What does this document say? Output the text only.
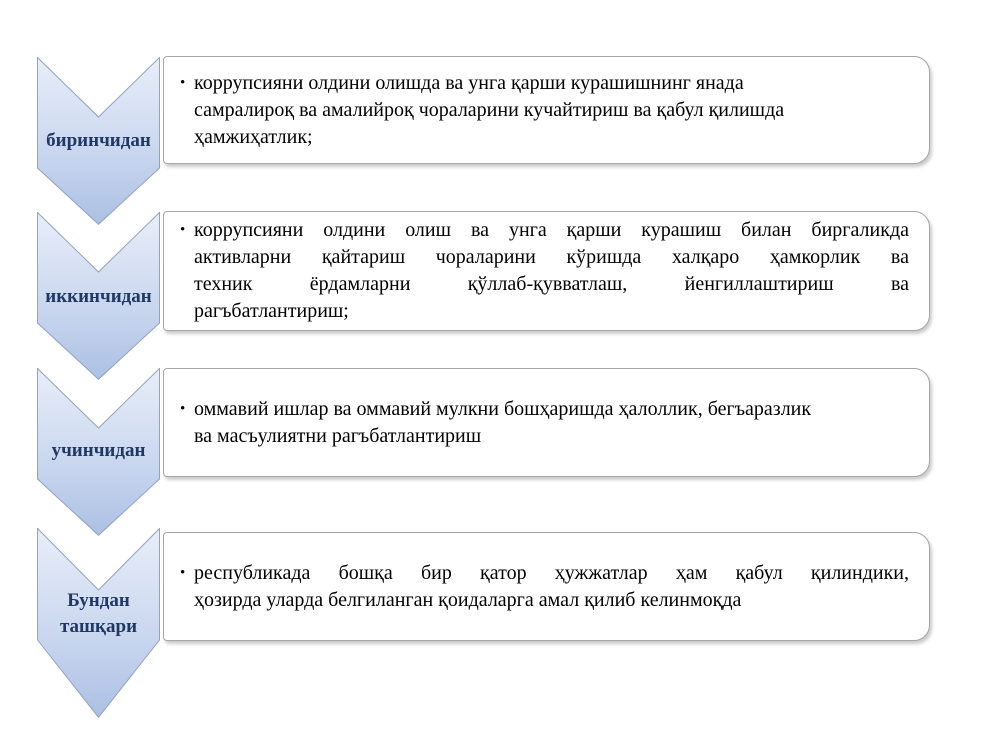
биринчидан
• коррупсияни олдини олишда ва унга қарши курашишнинг янада
самралироқ ва амалийроқ чораларини кучайтириш ва қабул қилишда
ҳамжиҳатлик;
иккинчидан
• коррупсияни олдини олиш ва унга қарши курашиш билан биргаликда
активларни қайтариш чораларини кўришда халқаро ҳамкорлик ва
техник ёрдамларни қўллаб-қувватлаш, йенгиллаштириш ва
рагъбатлантириш;
учинчидан
• оммавий ишлар ва оммавий мулкни бошҳаришда ҳалоллик, бегъаразлик
ва масъулиятни рагъбатлантириш
Бундан ташқари
• республикада бошқа бир қатор ҳужжатлар ҳам қабул қилиндики,
ҳозирда уларда белгиланган қоидаларга амал қилиб келинмоқда
